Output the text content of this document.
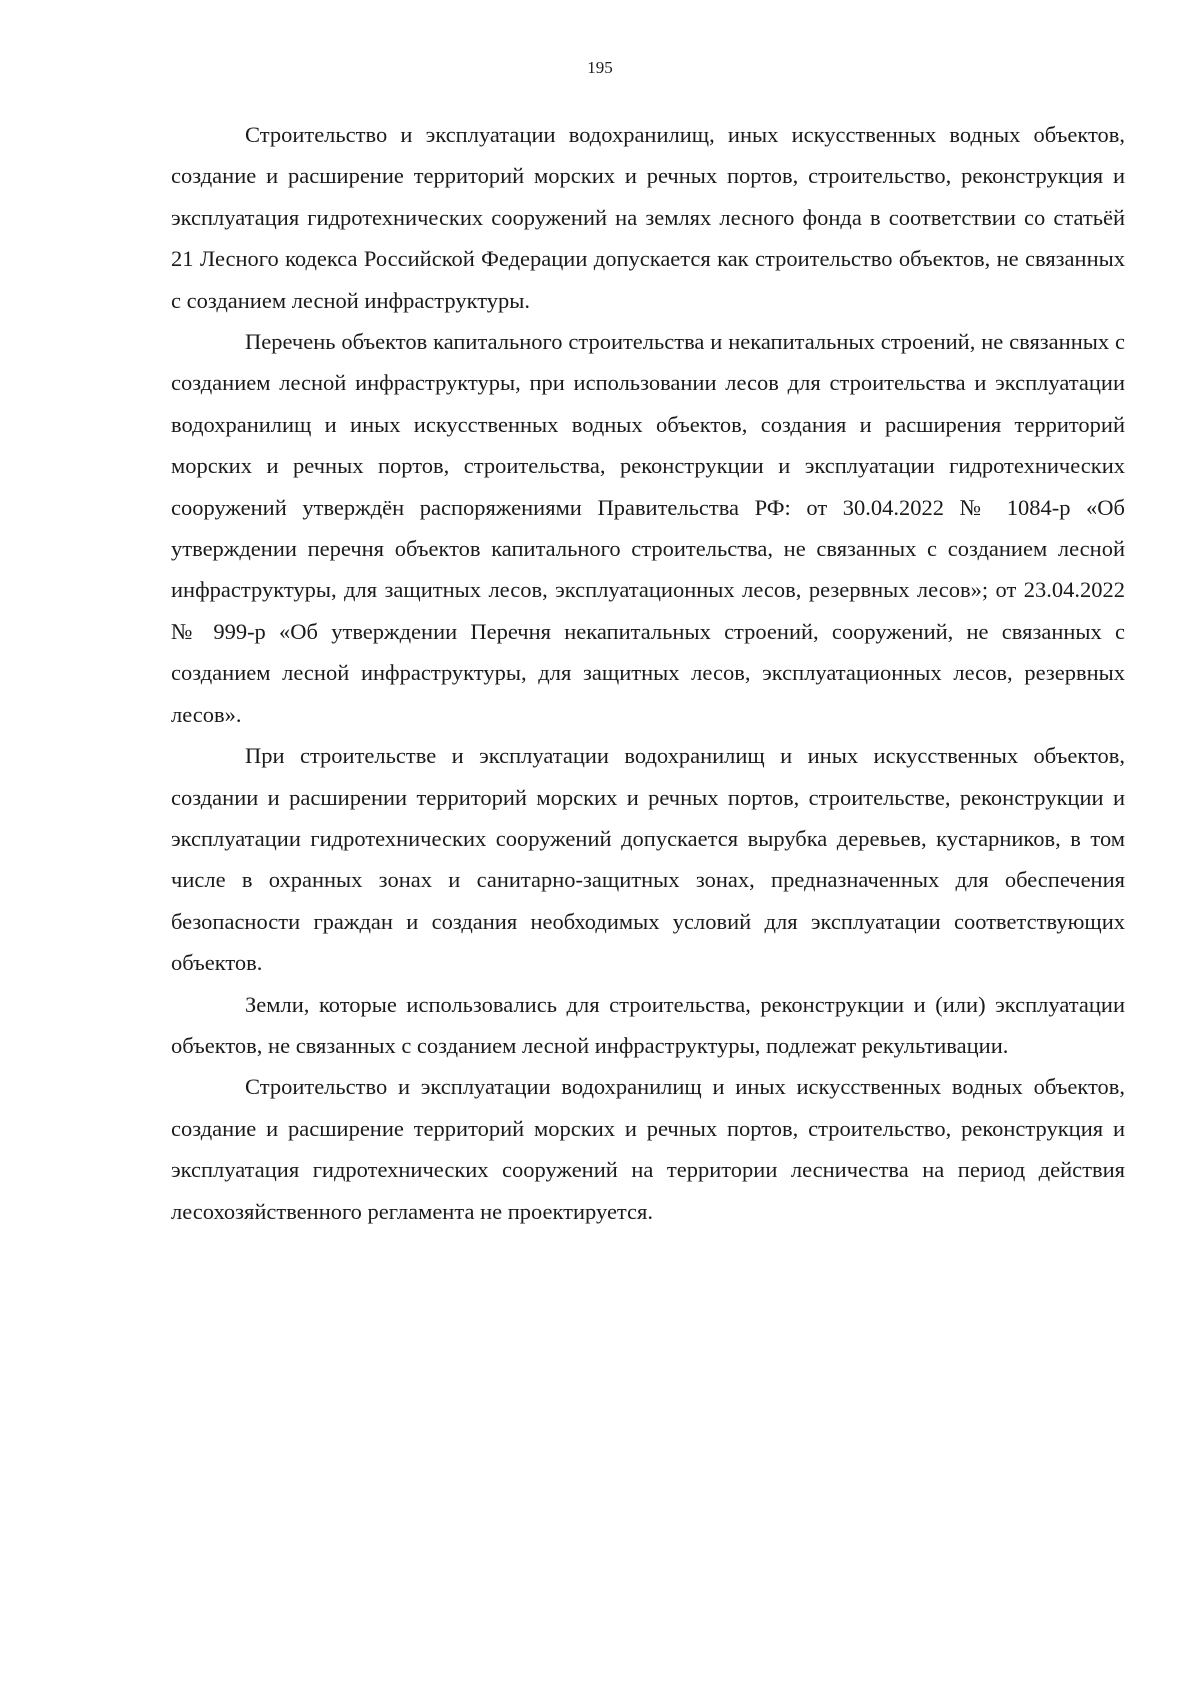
195

Строительство и эксплуатации водохранилищ, иных искусственных водных объектов, создание и расширение территорий морских и речных портов, строительство, реконструкция и эксплуатация гидротехнических сооружений на землях лесного фонда в соответствии со статьёй 21 Лесного кодекса Российской Федерации допускается как строительство объектов, не связанных с созданием лесной инфраструктуры.

Перечень объектов капитального строительства и некапитальных строений, не связанных с созданием лесной инфраструктуры, при использовании лесов для строительства и эксплуатации водохранилищ и иных искусственных водных объектов, создания и расширения территорий морских и речных портов, строительства, реконструкции и эксплуатации гидротехнических сооружений утверждён распоряжениями Правительства РФ: от 30.04.2022 № 1084-р «Об утверждении перечня объектов капитального строительства, не связанных с созданием лесной инфраструктуры, для защитных лесов, эксплуатационных лесов, резервных лесов»; от 23.04.2022 № 999-р «Об утверждении Перечня некапитальных строений, сооружений, не связанных с созданием лесной инфраструктуры, для защитных лесов, эксплуатационных лесов, резервных лесов».

При строительстве и эксплуатации водохранилищ и иных искусственных объектов, создании и расширении территорий морских и речных портов, строительстве, реконструкции и эксплуатации гидротехнических сооружений допускается вырубка деревьев, кустарников, в том числе в охранных зонах и санитарно-защитных зонах, предназначенных для обеспечения безопасности граждан и создания необходимых условий для эксплуатации соответствующих объектов.

Земли, которые использовались для строительства, реконструкции и (или) эксплуатации объектов, не связанных с созданием лесной инфраструктуры, подлежат рекультивации.

Строительство и эксплуатации водохранилищ и иных искусственных водных объектов, создание и расширение территорий морских и речных портов, строительство, реконструкция и эксплуатация гидротехнических сооружений на территории лесничества на период действия лесохозяйственного регламента не проектируется.
